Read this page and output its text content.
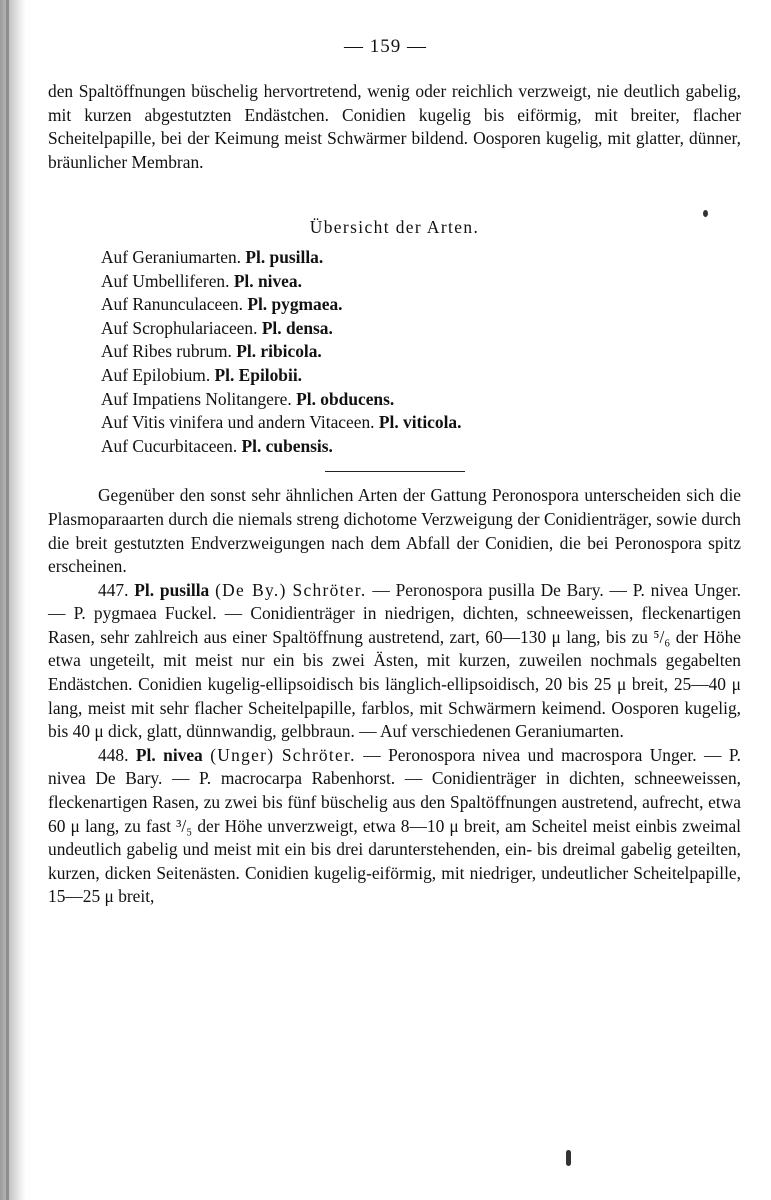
— 159 —

den Spaltöffnungen büschelig hervortretend, wenig oder reichlich verzweigt, nie deutlich gabelig, mit kurzen abgestutzten Endästchen. Conidien kugelig bis eiförmig, mit breiter, flacher Scheitelpapille, bei der Keimung meist Schwärmer bildend. Oosporen kugelig, mit glatter, dünner, bräunlicher Membran.

Übersicht der Arten.
Auf Geraniumarten. Pl. pusilla.
Auf Umbelliferen. Pl. nivea.
Auf Ranunculaceen. Pl. pygmaea.
Auf Scrophulariaceen. Pl. densa.
Auf Ribes rubrum. Pl. ribicola.
Auf Epilobium. Pl. Epilobii.
Auf Impatiens Nolitangere. Pl. obducens.
Auf Vitis vinifera und andern Vitaceen. Pl. viticola.
Auf Cucurbitaceen. Pl. cubensis.

Gegenüber den sonst sehr ähnlichen Arten der Gattung Peronospora unterscheiden sich die Plasmoparaarten durch die niemals streng dichotome Verzweigung der Conidienträger, sowie durch die breit gestutzten Endverzweigungen nach dem Abfall der Conidien, die bei Peronospora spitz erscheinen.

447. Pl. pusilla (De By.) Schröter. — Peronospora pusilla De Bary. — P. nivea Unger. — P. pygmaea Fuckel. — Conidienträger in niedrigen, dichten, schneeweissen, fleckenartigen Rasen, sehr zahlreich aus einer Spaltöffnung austretend, zart, 60—130 μ lang, bis zu ⁵/₆ der Höhe etwa ungeteilt, mit meist nur ein bis zwei Ästen, mit kurzen, zuweilen nochmals gegabelten Endästchen. Conidien kugelig-ellipsoidisch bis länglich-ellipsoidisch, 20 bis 25 μ breit, 25—40 μ lang, meist mit sehr flacher Scheitelpapille, farblos, mit Schwärmern keimend. Oosporen kugelig, bis 40 μ dick, glatt, dünnwandig, gelbbraun. — Auf verschiedenen Geraniumarten.

448. Pl. nivea (Unger) Schröter. — Peronospora nivea und macrospora Unger. — P. nivea De Bary. — P. macrocarpa Rabenhorst. — Conidienträger in dichten, schneeweissen, fleckenartigen Rasen, zu zwei bis fünf büschelig aus den Spaltöffnungen austretend, aufrecht, etwa 60 μ lang, zu fast ³/₅ der Höhe unverzweigt, etwa 8—10 μ breit, am Scheitel meist einbis zweimal undeutlich gabelig und meist mit ein bis drei darunterstehenden, ein- bis dreimal gabelig geteilten, kurzen, dicken Seitenästen. Conidien kugelig-eiförmig, mit niedriger, undeutlicher Scheitelpapille, 15—25 μ breit,
